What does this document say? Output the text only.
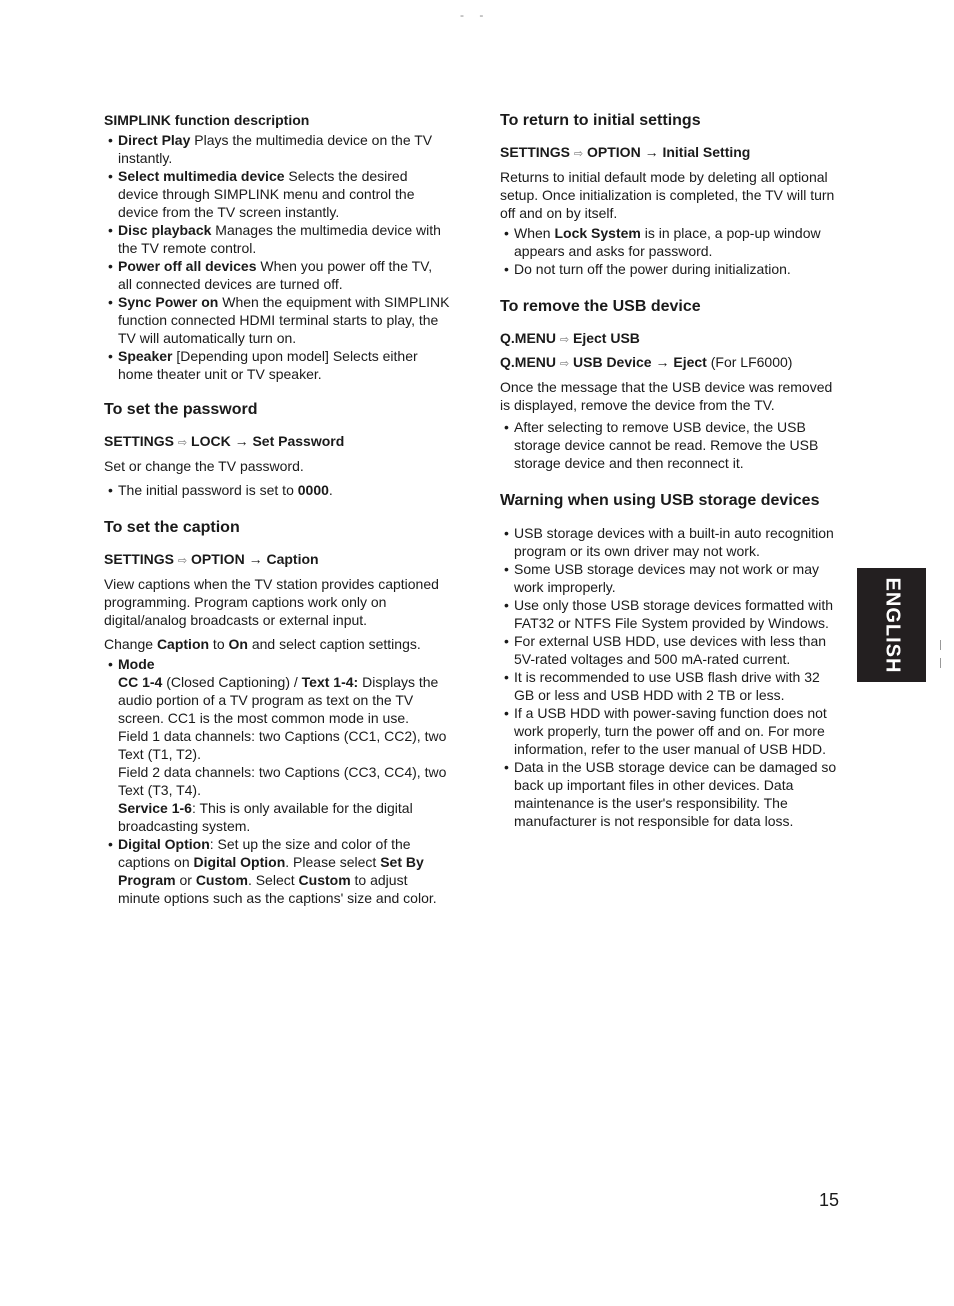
- -
SIMPLINK function description
• Direct Play Plays the multimedia device on the TV instantly.
• Select multimedia device Selects the desired device through SIMPLINK menu and control the device from the TV screen instantly.
• Disc playback Manages the multimedia device with the TV remote control.
• Power off all devices When you power off the TV, all connected devices are turned off.
• Sync Power on When the equipment with SIMPLINK function connected HDMI terminal starts to play, the TV will automatically turn on.
• Speaker [Depending upon model] Selects either home theater unit or TV speaker.
To set the password
SETTINGS ⇨ LOCK → Set Password

Set or change the TV password.

• The initial password is set to 0000.
To set the caption
SETTINGS ⇨ OPTION → Caption

View captions when the TV station provides captioned programming. Program captions work only on digital/analog broadcasts or external input.

Change Caption to On and select caption settings.

• Mode
CC 1-4 (Closed Captioning) / Text 1-4: Displays the audio portion of a TV program as text on the TV screen. CC1 is the most common mode in use.
Field 1 data channels: two Captions (CC1, CC2), two Text (T1, T2).
Field 2 data channels: two Captions (CC3, CC4), two Text (T3, T4).
Service 1-6: This is only available for the digital broadcasting system.
• Digital Option: Set up the size and color of the captions on Digital Option. Please select Set By Program or Custom. Select Custom to adjust minute options such as the captions' size and color.
To return to initial settings
SETTINGS ⇨ OPTION → Initial Setting

Returns to initial default mode by deleting all optional setup. Once initialization is completed, the TV will turn off and on by itself.

• When Lock System is in place, a pop-up window appears and asks for password.
• Do not turn off the power during initialization.
To remove the USB device
Q.MENU ⇨ Eject USB
Q.MENU ⇨ USB Device → Eject (For LF6000)

Once the message that the USB device was removed is displayed, remove the device from the TV.

• After selecting to remove USB device, the USB storage device cannot be read. Remove the USB storage device and then reconnect it.
Warning when using USB storage devices
• USB storage devices with a built-in auto recognition program or its own driver may not work.
• Some USB storage devices may not work or may work improperly.
• Use only those USB storage devices formatted with FAT32 or NTFS File System provided by Windows.
• For external USB HDD, use devices with less than 5V-rated voltages and 500 mA-rated current.
• It is recommended to use USB flash drive with 32 GB or less and USB HDD with 2 TB or less.
• If a USB HDD with power-saving function does not work properly, turn the power off and on. For more information, refer to the user manual of USB HDD.
• Data in the USB storage device can be damaged so back up important files in other devices. Data maintenance is the user's responsibility. The manufacturer is not responsible for data loss.
ENGLISH
15
